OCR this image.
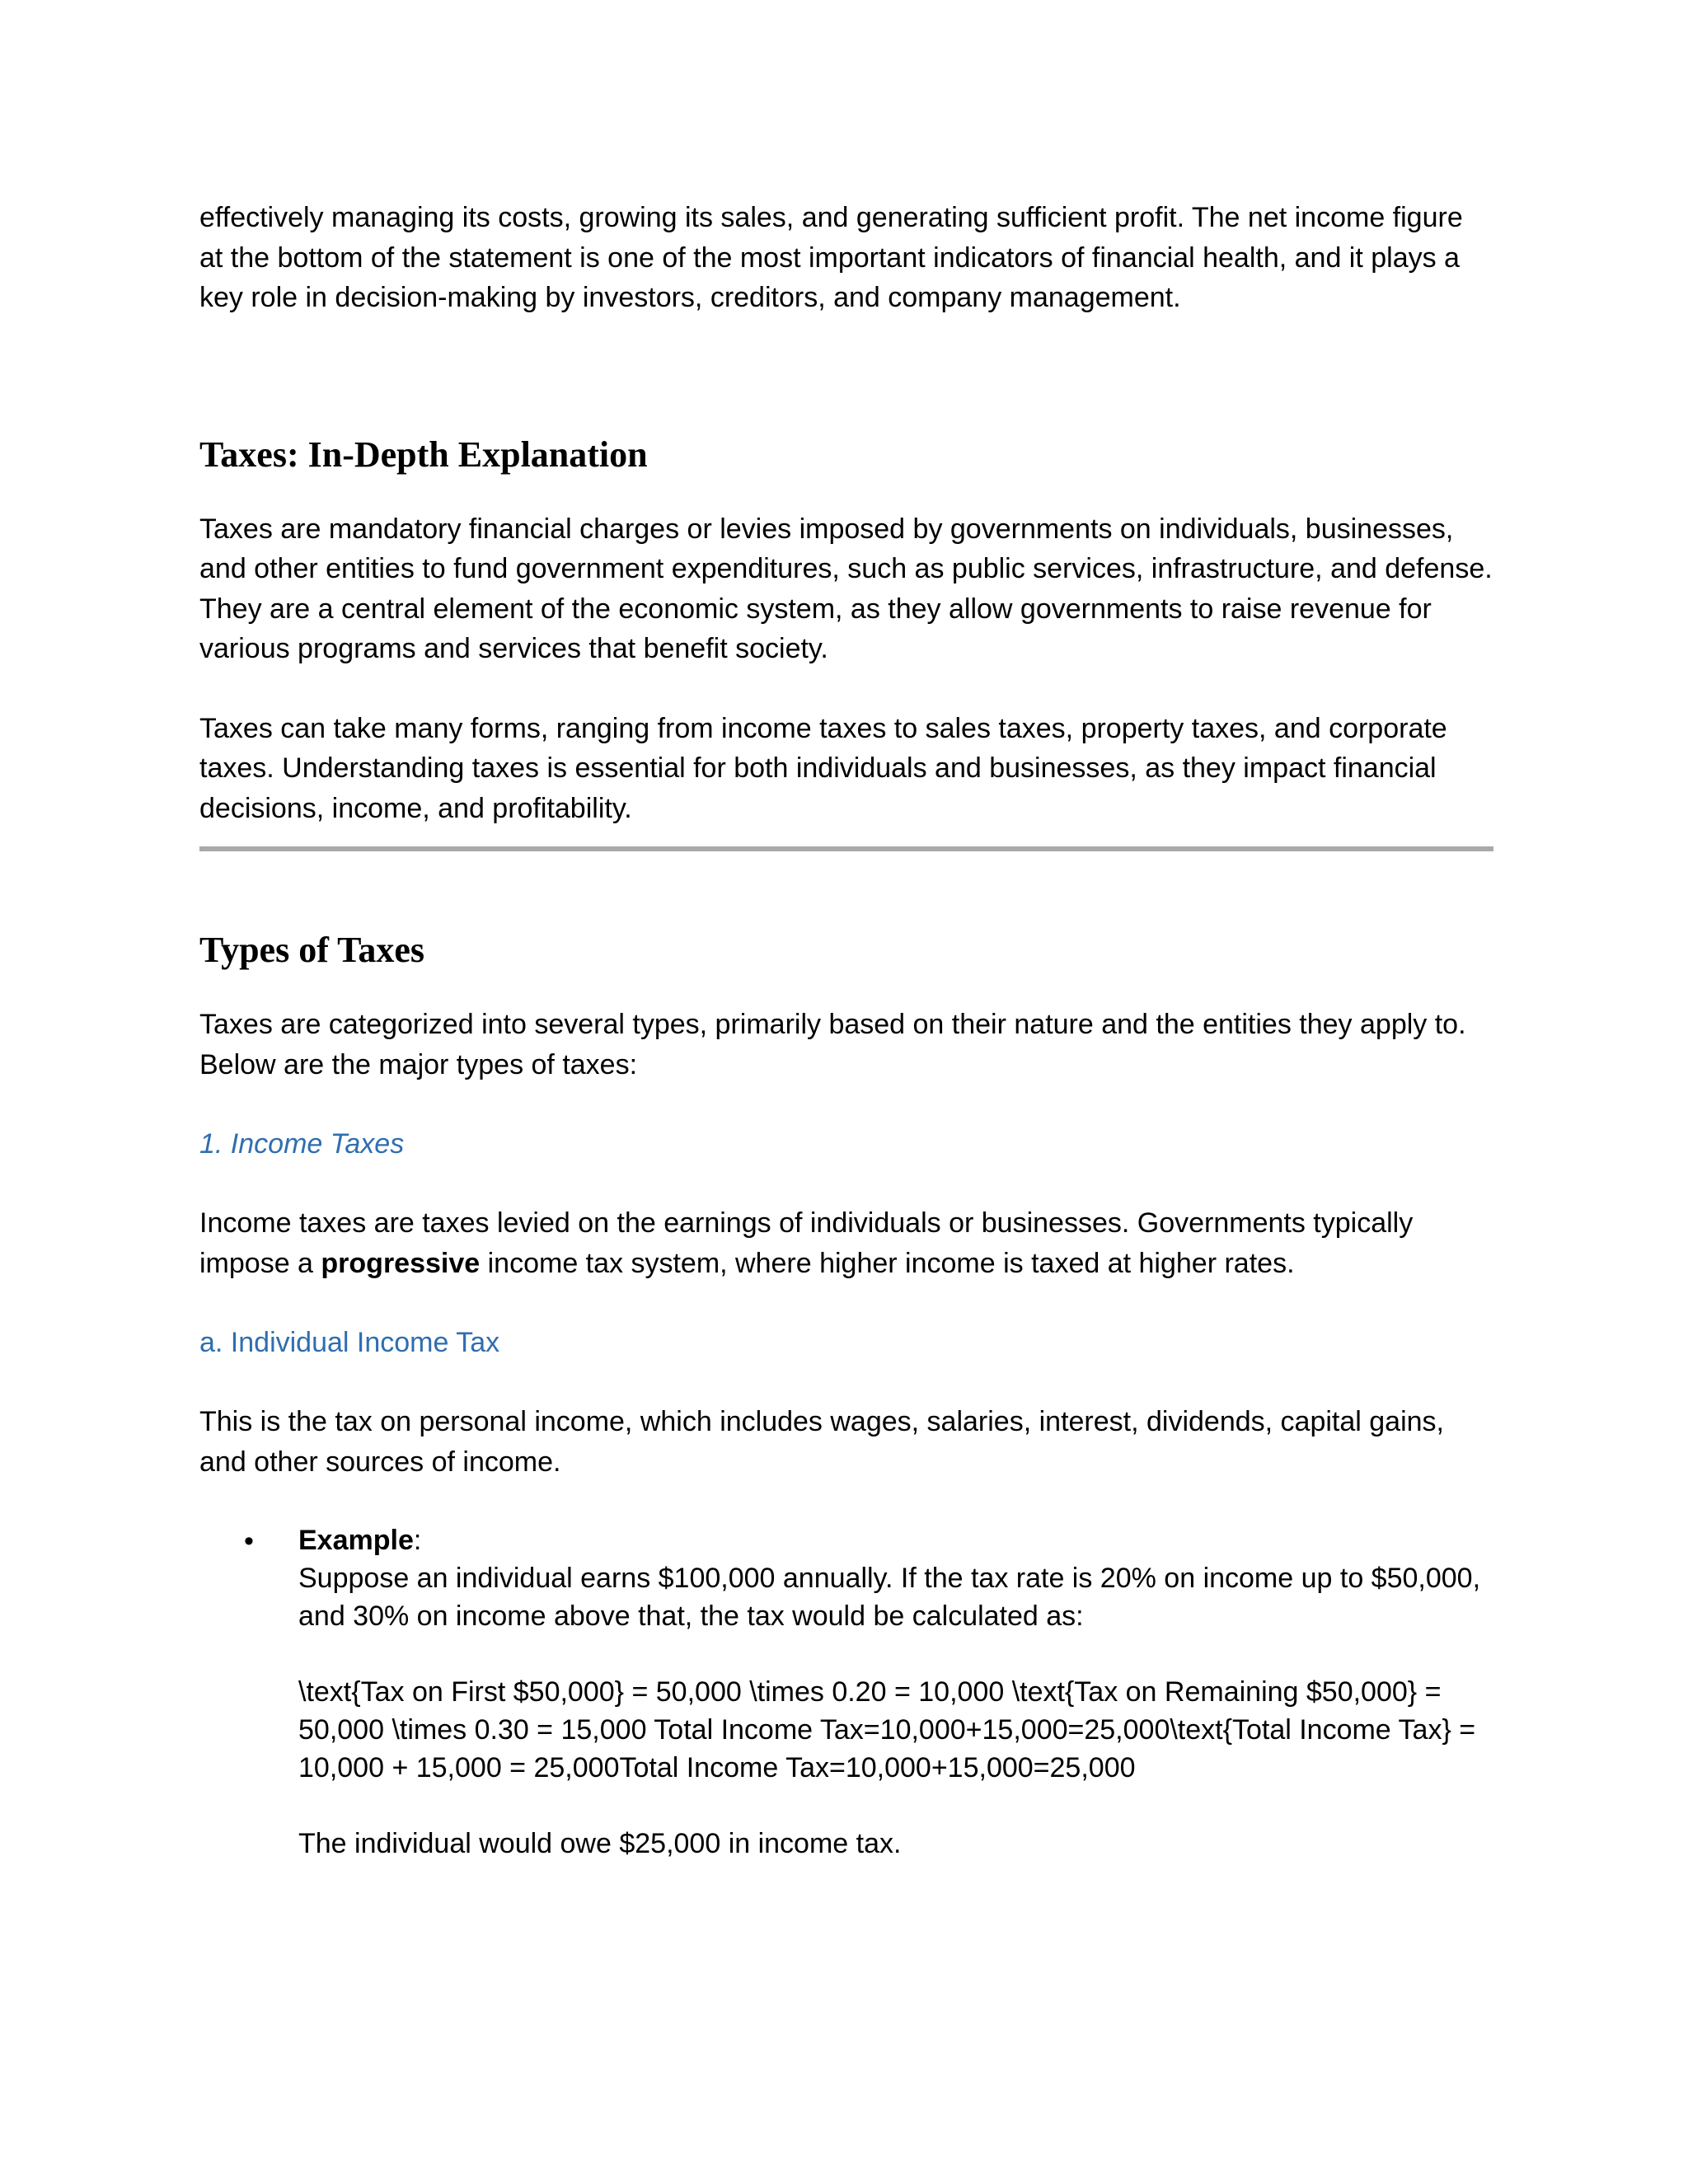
effectively managing its costs, growing its sales, and generating sufficient profit. The net income figure at the bottom of the statement is one of the most important indicators of financial health, and it plays a key role in decision-making by investors, creditors, and company management.

Taxes: In-Depth Explanation

Taxes are mandatory financial charges or levies imposed by governments on individuals, businesses, and other entities to fund government expenditures, such as public services, infrastructure, and defense. They are a central element of the economic system, as they allow governments to raise revenue for various programs and services that benefit society.

Taxes can take many forms, ranging from income taxes to sales taxes, property taxes, and corporate taxes. Understanding taxes is essential for both individuals and businesses, as they impact financial decisions, income, and profitability.

Types of Taxes

Taxes are categorized into several types, primarily based on their nature and the entities they apply to. Below are the major types of taxes:

1. Income Taxes

Income taxes are taxes levied on the earnings of individuals or businesses. Governments typically impose a progressive income tax system, where higher income is taxed at higher rates.

a. Individual Income Tax

This is the tax on personal income, which includes wages, salaries, interest, dividends, capital gains, and other sources of income.

• Example:

Suppose an individual earns $100,000 annually. If the tax rate is 20% on income up to $50,000, and 30% on income above that, the tax would be calculated as:

\text{Tax on First $50,000} = 50,000 \times 0.20 = 10,000 \text{Tax on Remaining $50,000} = 50,000 \times 0.30 = 15,000 Total Income Tax=10,000+15,000=25,000\text{Total Income Tax} = 10,000 + 15,000 = 25,000Total Income Tax=10,000+15,000=25,000

The individual would owe $25,000 in income tax.
